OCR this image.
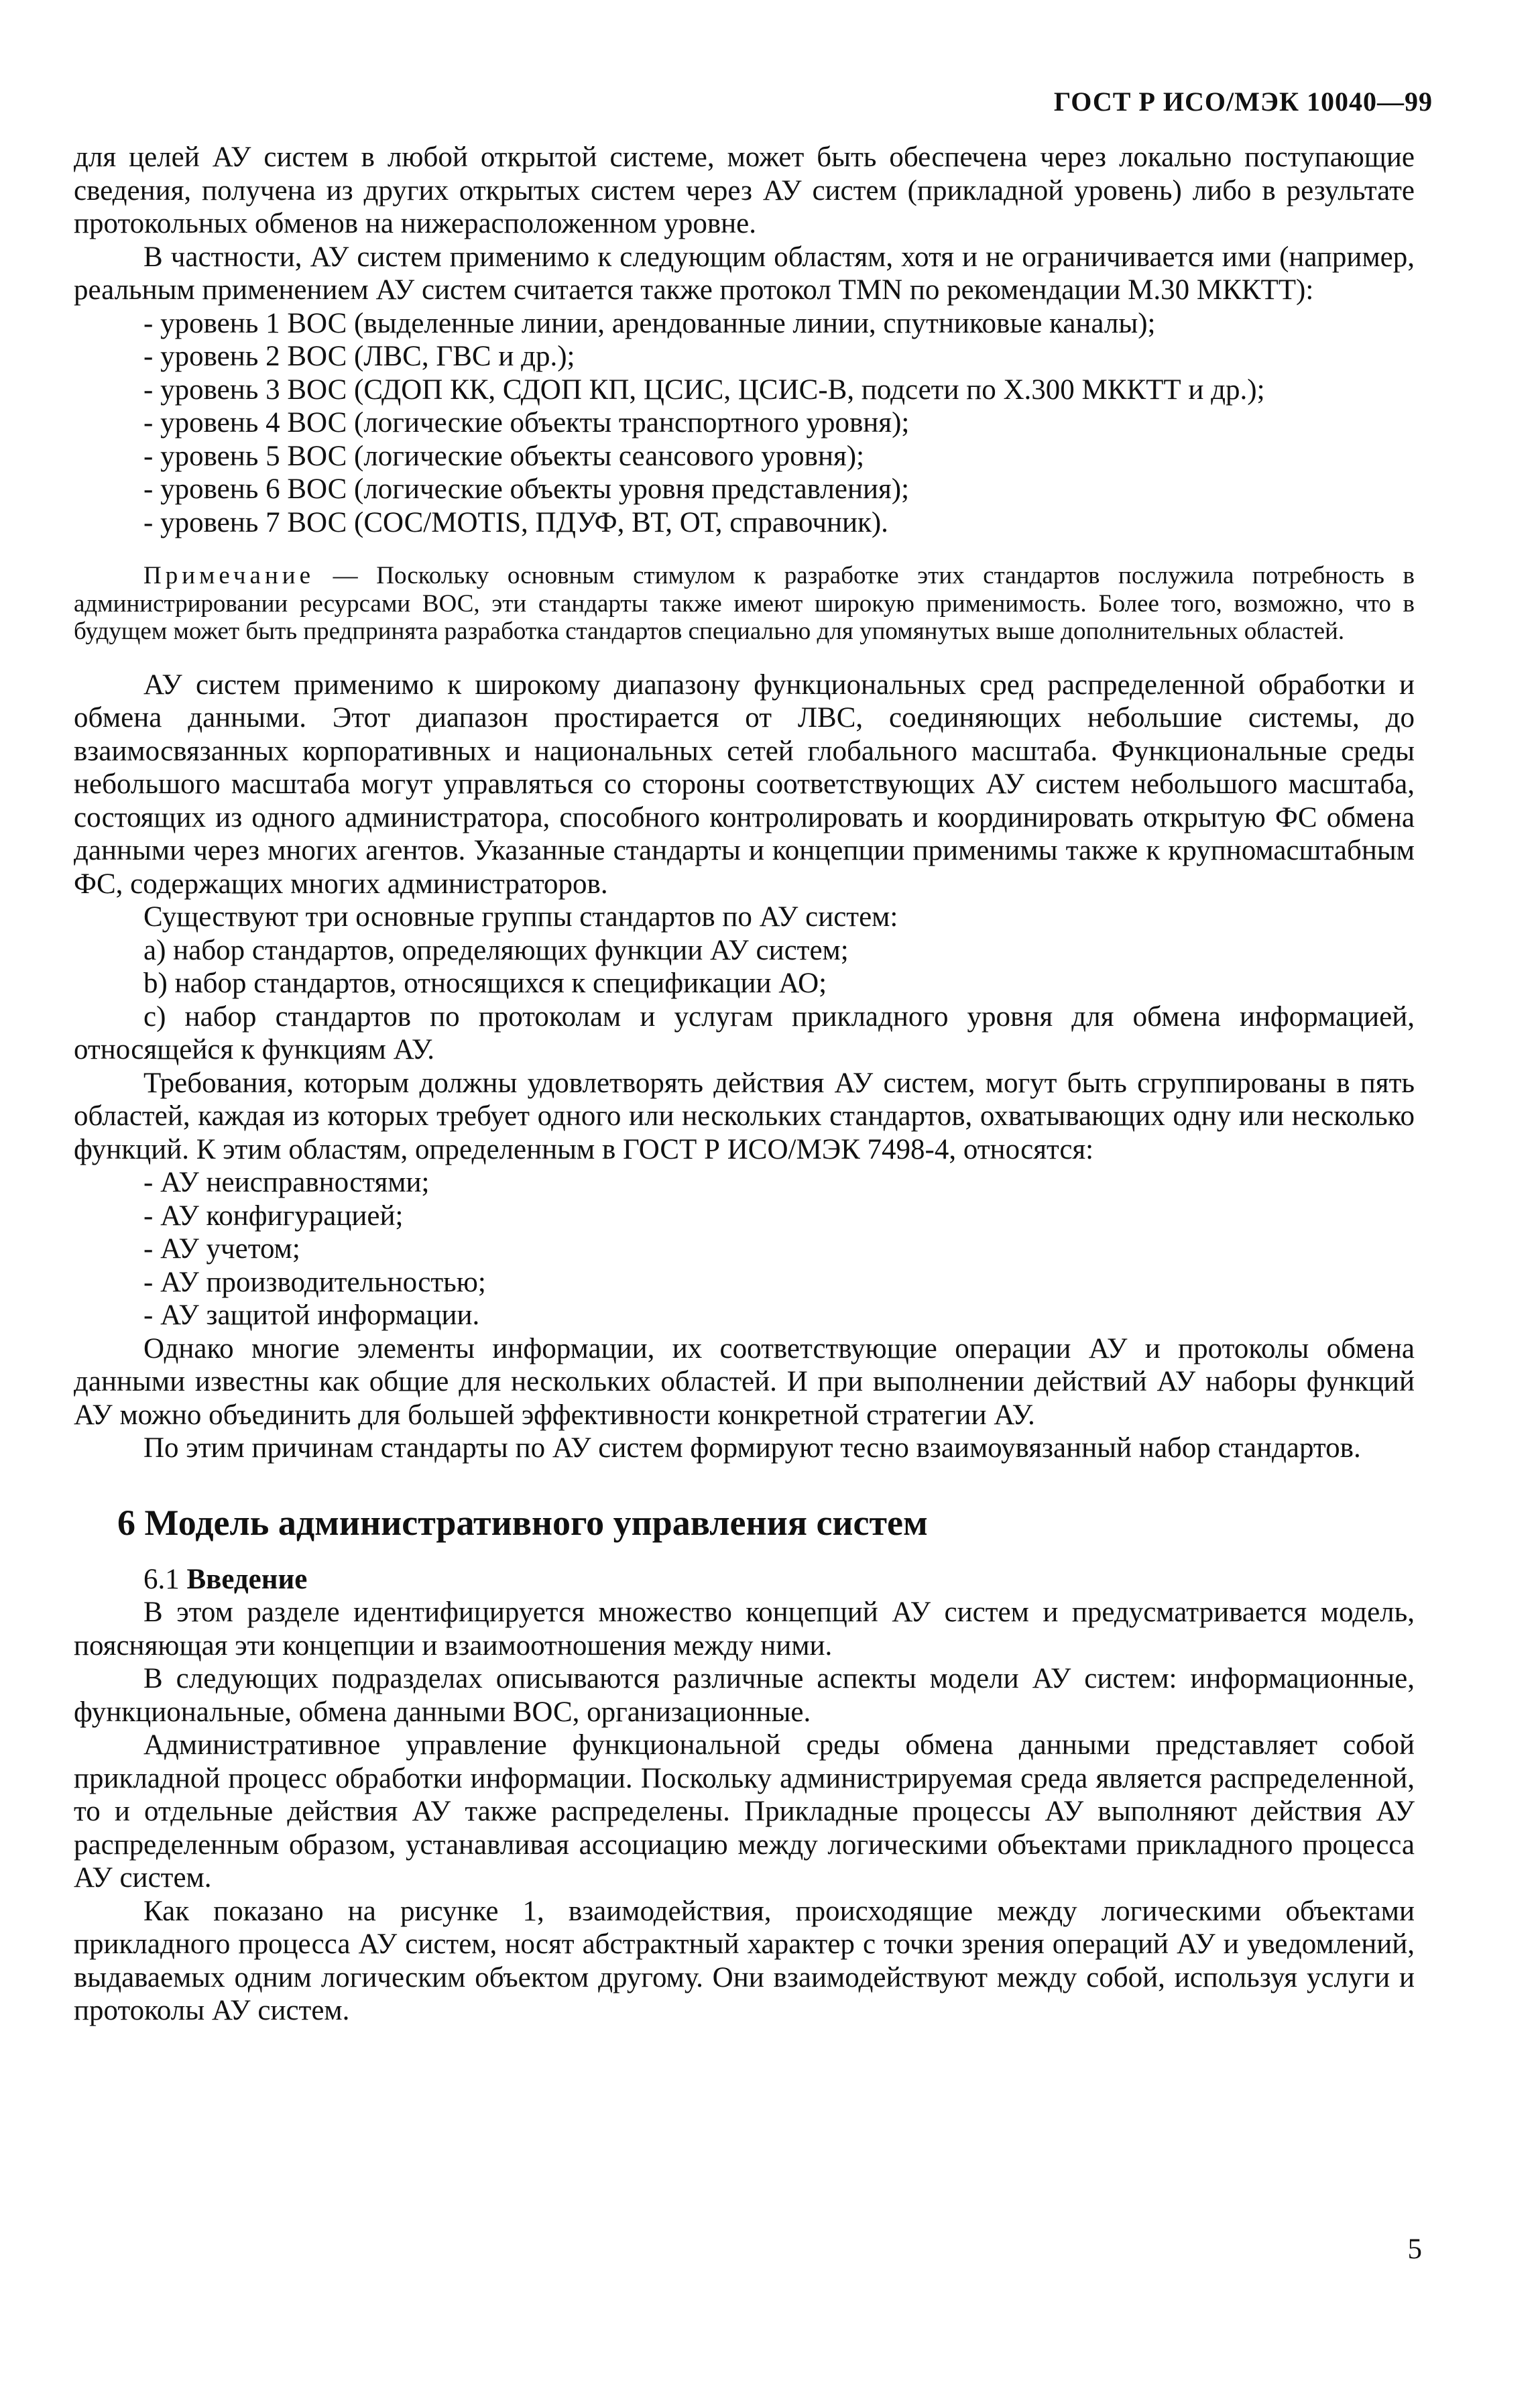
ГОСТ Р ИСО/МЭК 10040—99

для целей АУ систем в любой открытой системе, может быть обеспечена через локально поступающие сведения, получена из других открытых систем через АУ систем (прикладной уровень) либо в результате протокольных обменов на нижерасположенном уровне.

В частности, АУ систем применимо к следующим областям, хотя и не ограничивается ими (например, реальным применением АУ систем считается также протокол TMN по рекомендации М.30 МККТТ):

- уровень 1 ВОС (выделенные линии, арендованные линии, спутниковые каналы);
- уровень 2 ВОС (ЛВС, ГВС и др.);
- уровень 3 ВОС (СДОП КК, СДОП КП, ЦСИС, ЦСИС-В, подсети по Х.300 МККТТ и др.);
- уровень 4 ВОС (логические объекты транспортного уровня);
- уровень 5 ВОС (логические объекты сеансового уровня);
- уровень 6 ВОС (логические объекты уровня представления);
- уровень 7 ВОС (СОС/MOTIS, ПДУФ, ВТ, ОТ, справочник).

Примечание — Поскольку основным стимулом к разработке этих стандартов послужила потребность в администрировании ресурсами ВОС, эти стандарты также имеют широкую применимость. Более того, возможно, что в будущем может быть предпринята разработка стандартов специально для упомянутых выше дополнительных областей.

АУ систем применимо к широкому диапазону функциональных сред распределенной обработки и обмена данными. Этот диапазон простирается от ЛВС, соединяющих небольшие системы, до взаимосвязанных корпоративных и национальных сетей глобального масштаба. Функциональные среды небольшого масштаба могут управляться со стороны соответствующих АУ систем небольшого масштаба, состоящих из одного администратора, способного контролировать и координировать открытую ФС обмена данными через многих агентов. Указанные стандарты и концепции применимы также к крупномасштабным ФС, содержащих многих администраторов.

Существуют три основные группы стандартов по АУ систем:

a) набор стандартов, определяющих функции АУ систем;
b) набор стандартов, относящихся к спецификации АО;

c) набор стандартов по протоколам и услугам прикладного уровня для обмена информацией, относящейся к функциям АУ.

Требования, которым должны удовлетворять действия АУ систем, могут быть сгруппированы в пять областей, каждая из которых требует одного или нескольких стандартов, охватывающих одну или несколько функций. К этим областям, определенным в ГОСТ Р ИСО/МЭК 7498-4, относятся:

- АУ неисправностями;
- АУ конфигурацией;
- АУ учетом;
- АУ производительностью;
- АУ защитой информации.

Однако многие элементы информации, их соответствующие операции АУ и протоколы обмена данными известны как общие для нескольких областей. И при выполнении действий АУ наборы функций АУ можно объединить для большей эффективности конкретной стратегии АУ.

По этим причинам стандарты по АУ систем формируют тесно взаимоувязанный набор стандартов.

6 Модель административного управления систем

6.1 Введение

В этом разделе идентифицируется множество концепций АУ систем и предусматривается модель, поясняющая эти концепции и взаимоотношения между ними.

В следующих подразделах описываются различные аспекты модели АУ систем: информационные, функциональные, обмена данными ВОС, организационные.

Административное управление функциональной среды обмена данными представляет собой прикладной процесс обработки информации. Поскольку администрируемая среда является распределенной, то и отдельные действия АУ также распределены. Прикладные процессы АУ выполняют действия АУ распределенным образом, устанавливая ассоциацию между логическими объектами прикладного процесса АУ систем.

Как показано на рисунке 1, взаимодействия, происходящие между логическими объектами прикладного процесса АУ систем, носят абстрактный характер с точки зрения операций АУ и уведомлений, выдаваемых одним логическим объектом другому. Они взаимодействуют между собой, используя услуги и протоколы АУ систем.

5
